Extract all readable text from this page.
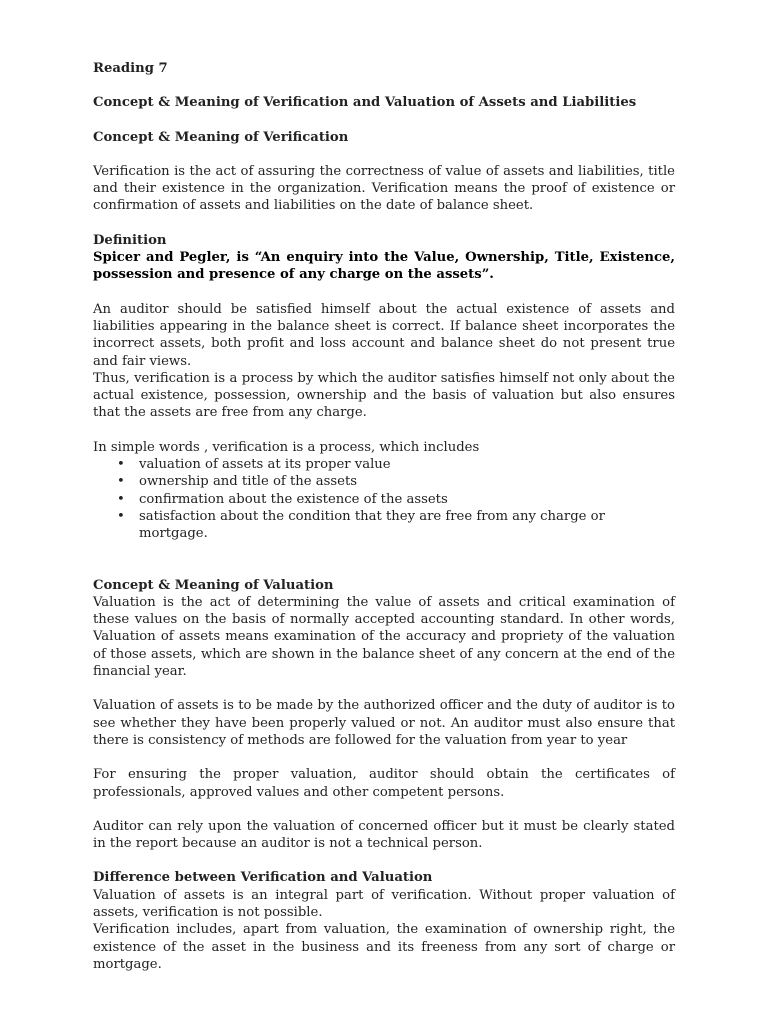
Reading 7

Concept & Meaning of Verification and Valuation of Assets and Liabilities
Concept & Meaning of Verification

Verification is the act of assuring the correctness of value of assets and liabilities, title and their existence in the organization. Verification means the proof of existence or confirmation of assets and liabilities on the date of balance sheet.

Definition

Spicer and Pegler, is “An enquiry into the Value, Ownership, Title, Existence, possession and presence of any charge on the assets”.

An auditor should be satisfied himself about the actual existence of assets and liabilities appearing in the balance sheet is correct. If balance sheet incorporates the incorrect assets, both profit and loss account and balance sheet do not present true and fair views.

Thus, verification is a process by which the auditor satisfies himself not only about the actual existence, possession, ownership and the basis of valuation but also ensures that the assets are free from any charge.

In simple words , verification is a process, which includes

• valuation of assets at its proper value
• ownership and title of the assets
• confirmation about the existence of the assets
• satisfaction about the condition that they are free from any charge or mortgage.
Concept & Meaning of Valuation

Valuation is the act of determining the value of assets and critical examination of these values on the basis of normally accepted accounting standard. In other words, Valuation of assets means examination of the accuracy and propriety of the valuation of those assets, which are shown in the balance sheet of any concern at the end of the financial year.

Valuation of assets is to be made by the authorized officer and the duty of auditor is to see whether they have been properly valued or not. An auditor must also ensure that there is consistency of methods are followed for the valuation from year to year

For ensuring the proper valuation, auditor should obtain the certificates of professionals, approved values and other competent persons.

Auditor can rely upon the valuation of concerned officer but it must be clearly stated in the report because an auditor is not a technical person.

Difference between Verification and Valuation

Valuation of assets is an integral part of verification. Without proper valuation of assets, verification is not possible.

Verification includes, apart from valuation, the examination of ownership right, the existence of the asset in the business and its freeness from any sort of charge or mortgage.
